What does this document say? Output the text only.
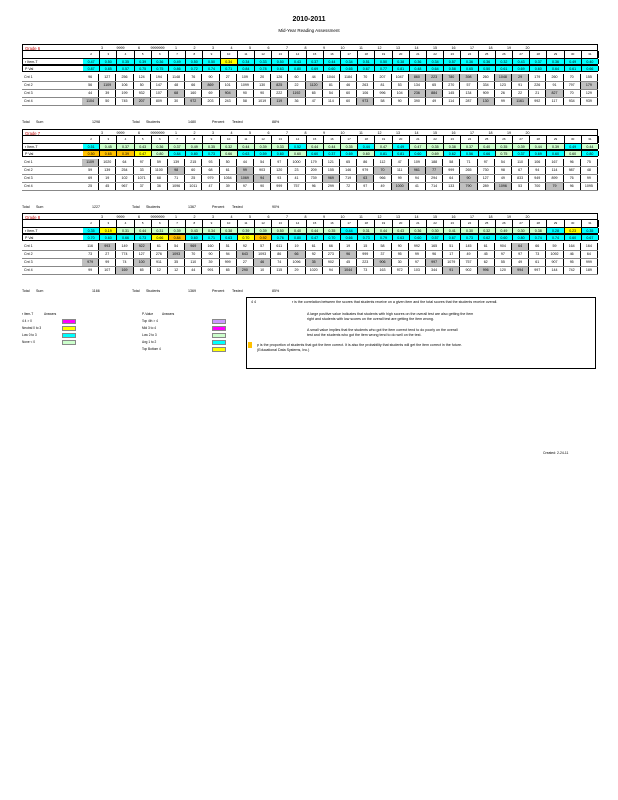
2010-2011
Mid-Year Reading Assessment
Grade 6	3	9999	6	9999999	1	2	3	4	5	6	7	8	9	10	11	12	13	14	15	16	17	18	19	20
2	3	4	5	6	7	8	9	10	11	12	13	14	15	16	17	18	19	20	21	22	23	24	25	26	27	28	29	30	31
r Item-T	0.47	0.50	0.35	0.39	0.36	0.49	0.50	0.50	0.34	0.34	0.33	0.50	0.43	0.37	0.44	0.34	0.51	0.50	0.38	0.36	0.34	0.57	0.36	0.36	0.32	0.43	0.37	0.36	0.49	0.40
P Val	0.87	0.85	0.57	0.75	0.75	0.86	0.72	0.74	0.71	0.84	0.78	0.63	0.80	0.69	0.60	0.65	0.67	0.77	0.81	0.48	0.64	0.58	0.65	0.50	0.61	0.69	0.60	0.64	0.61	0.66
Cnt 1	96	127	256	124	194	1148	76	90	27	109	20	126	60	44	1044	1184	70	207	1047	860	223	780	398	260	1048	29	179	260	70	155
Cnt 2	56	1109	106	50	147	48	66	869	101	1099	130	825	22	1120	81	46	263	81	53	134	65	270	57	334	123	91	226	91	797	179
Cnt 3	44	39	199	932	107	68	160	69	904	90	90	222	1192	65	54	60	106	996	104	236	884	145	134	909	26	22	21	827	70	129
Cnt 4	1104	50	745	207	809	30	972	203	243	58	1019	119	36	47	114	60	973	58	90	390	49	114	287	130	99	1161	992	117	934	939
Total Sum	1298	Total Students	1480	Percent Tested	88%
Grade 7	3	9999	6	9999999	1	2	3	4	5	6	7	8	9	10	11	12	13	14	15	16	17	18	19	20
2	3	4	5	6	7	8	9	10	11	12	13	14	15	16	17	18	19	20	21	22	23	24	25	26	27	28	29	30	31
r Item-T	0.51	0.45	0.37	0.43	0.36	0.37	0.49	0.35	0.32	0.44	0.39	0.33	0.52	0.44	0.44	0.35	0.44	0.47	0.49	0.47	0.35	0.38	0.37	0.40	0.35	0.39	0.44	0.39	0.49	0.44
P Val	0.50	0.65	0.39	0.47	0.80	0.84	0.80	0.73	0.66	0.63	0.59	0.60	0.60	0.60	0.37	0.69	0.60	0.81	0.81	0.60	0.69	0.62	0.56	0.66	0.75	0.37	0.69	0.60	0.60	0.80
Cnt 1	1109	1020	64	97	59	139	215	93	50	44	54	97	1000	179	121	65	86	112	47	109	188	58	71	97	54	110	106	167	96	75
Cnt 2	59	139	254	33	1100	98	60	68	61	99	903	120	23	209	155	146	979	70	111	961	77	999	265	730	98	67	94	114	987	48
Cnt 3	69	19	102	1071	68	71	25	979	1054	1069	94	93	41	739	969	719	63	966	99	94	294	64	90	127	49	833	949	899	76	99
Cnt 4	25	45	967	37	36	1096	1011	47	39	97	90	999	757	96	299	72	97	49	1000	41	714	133	790	289	1096	53	700	79	96	1095
Total Sum	1227	Total Students	1367	Percent Tested	90%
Grade 8	3	9999	6	9999999	1	2	3	4	5	6	7	8	9	10	11	12	13	14	15	16	17	18	19	20
2	3	4	5	6	7	8	9	10	11	12	13	14	15	16	17	18	19	20	21	22	23	24	25	26	27	28	29	30	31
r Item-T	0.35	0.19	0.31	0.44	0.31	0.39	0.43	0.34	0.38	0.39	0.39	0.50	0.40	0.44	0.35	0.44	0.31	0.44	0.43	0.36	0.30	0.41	0.30	0.32	0.49	0.30	0.38	0.28	0.23	0.35
P Val	0.70	0.60	0.66	0.73	0.66	0.84	0.60	0.71	0.63	0.70	0.92	0.76	0.80	0.47	0.70	0.66	0.73	0.79	0.63	0.60	0.57	0.67	0.73	0.62	0.60	0.80	0.74	0.74	0.60	0.67
Cnt 1	116	993	149	922	61	54	969	160	51	92	57	611	19	61	66	19	15	58	90	992	165	51	145	61	904	64	66	59	164	164
Cnt 2	73	27	774	127	276	1093	70	90	94	643	1093	86	66	92	273	96	999	37	95	99	96	17	49	45	97	97	73	1092	46	64
Cnt 3	979	99	74	100	911	35	110	39	999	27	46	74	1096	35	902	45	223	906	30	97	997	1079	757	62	55	49	61	907	95	999
Cnt 4	99	107	169	65	12	12	44	991	65	290	10	115	29	1020	94	1044	73	163	972	103	344	91	902	996	120	994	997	144	742	189
Total Sum	1166	Total Students	1369	Percent Tested	85%
r Item-T	Answers
4 4 > 0
Neutral 0 to 3
Low 0 to 3
None < 0
P-Value	Answers
Top 4th > 4
Mid 3 to 4
Low 2 to 3
Avg 1 to 2
Top Bottom 4
4 4	r is the correlation between the scores that students receive on a given item and the total scores that the students receive overall.
A large positive value indicates that students with high scores on the overall test are also getting the item
right and students with low scores on the overall test are getting the item wrong.
A small value implies that the students who got the item correct tend to do poorly on the overall
test and the students who got the item wrong tend to do well on the test.
p is the proportion of students that got the item correct. It is also the probability that students will get the item correct in the future.
(Educational Data Systems, Inc.)
Created: 2-24-11
